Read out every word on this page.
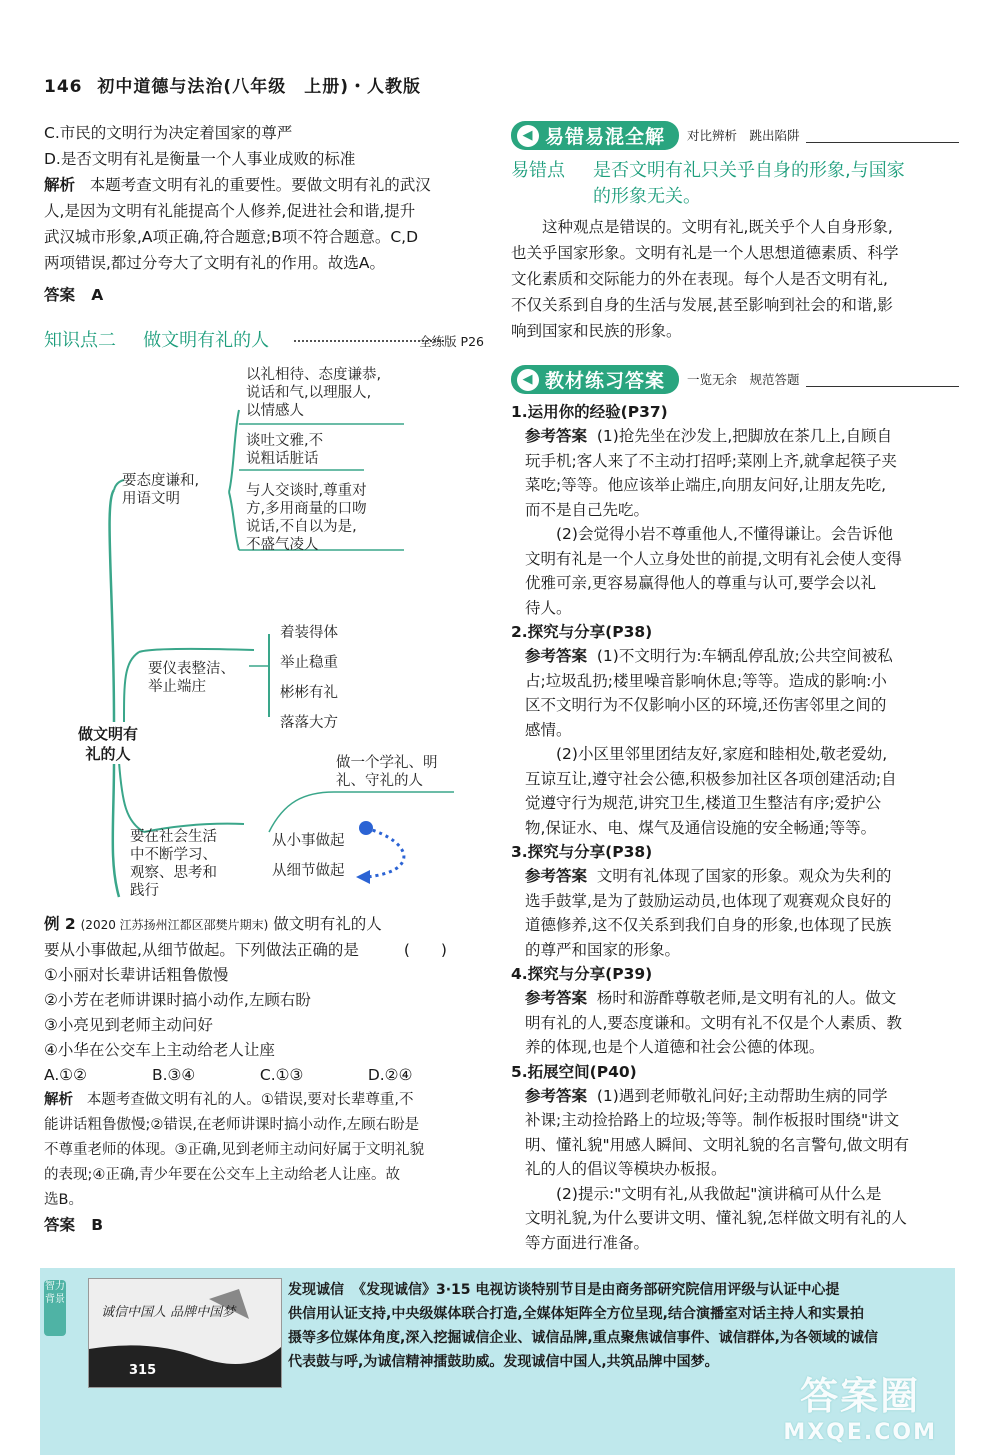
146 初中道德与法治(八年级　上册)・人教版
C.市民的文明行为决定着国家的尊严
D.是否文明有礼是衡量一个人事业成败的标准
解析 本题考查文明有礼的重要性。要做文明有礼的武汉
人,是因为文明有礼能提高个人修养,促进社会和谐,提升
武汉城市形象,A项正确,符合题意;B项不符合题意。C,D
两项错误,都过分夸大了文明有礼的作用。故选A。
答案 A
知识点二 做文明有礼的人	全练版 P26
以礼相待、态度谦恭,
说话和气,以理服人,
以情感人
谈吐文雅,不
说粗话脏话
与人交谈时,尊重对
方,多用商量的口吻
说话,不自以为是,
不盛气凌人
要态度谦和,
用语文明
要仪表整洁、
举止端庄
着装得体
举止稳重
彬彬有礼
落落大方
做文明有
礼的人	做一个学礼、明
礼、守礼的人
要在社会生活
中不断学习、
观察、思考和
践行
从小事做起
从细节做起
例 2 (2020 江苏扬州江都区邵樊片期末) 做文明有礼的人
要从小事做起,从细节做起。下列做法正确的是	(　　)
①小丽对长辈讲话粗鲁傲慢
②小芳在老师讲课时搞小动作,左顾右盼
③小亮见到老师主动问好
④小华在公交车上主动给老人让座
A.①②	B.③④	C.①③	D.②④
解析 本题考查做文明有礼的人。①错误,要对长辈尊重,不
能讲话粗鲁傲慢;②错误,在老师讲课时搞小动作,左顾右盼是
不尊重老师的体现。③正确,见到老师主动问好属于文明礼貌
的表现;④正确,青少年要在公交车上主动给老人让座。故
选B。
答案 B
◀ 易错易混全解	对比辨析　跳出陷阱
易错点 是否文明有礼只关乎自身的形象,与国家
的形象无关。
这种观点是错误的。文明有礼,既关乎个人自身形象,
也关乎国家形象。文明有礼是一个人思想道德素质、科学
文化素质和交际能力的外在表现。每个人是否文明有礼,
不仅关系到自身的生活与发展,甚至影响到社会的和谐,影
响到国家和民族的形象。
◀ 教材练习答案	一览无余　规范答题
1.运用你的经验(P37)
参考答案 (1)抢先坐在沙发上,把脚放在茶几上,自顾自
玩手机;客人来了不主动打招呼;菜刚上齐,就拿起筷子夹
菜吃;等等。他应该举止端庄,向朋友问好,让朋友先吃,
而不是自己先吃。
(2)会觉得小岩不尊重他人,不懂得谦让。会告诉他
文明有礼是一个人立身处世的前提,文明有礼会使人变得
优雅可亲,更容易赢得他人的尊重与认可,要学会以礼
待人。
2.探究与分享(P38)
参考答案 (1)不文明行为:车辆乱停乱放;公共空间被私
占;垃圾乱扔;楼里噪音影响休息;等等。造成的影响:小
区不文明行为不仅影响小区的环境,还伤害邻里之间的
感情。
(2)小区里邻里团结友好,家庭和睦相处,敬老爱幼,
互谅互让,遵守社会公德,积极参加社区各项创建活动;自
觉遵守行为规范,讲究卫生,楼道卫生整洁有序;爱护公
物,保证水、电、煤气及通信设施的安全畅通;等等。
3.探究与分享(P38)
参考答案 文明有礼体现了国家的形象。观众为失利的
选手鼓掌,是为了鼓励运动员,也体现了观赛观众良好的
道德修养,这不仅关系到我们自身的形象,也体现了民族
的尊严和国家的形象。
4.探究与分享(P39)
参考答案 杨时和游酢尊敬老师,是文明有礼的人。做文
明有礼的人,要态度谦和。文明有礼不仅是个人素质、教
养的体现,也是个人道德和社会公德的体现。
5.拓展空间(P40)
参考答案 (1)遇到老师敬礼问好;主动帮助生病的同学
补课;主动捡拾路上的垃圾;等等。制作板报时围绕"讲文
明、懂礼貌"用感人瞬间、文明礼貌的名言警句,做文明有
礼的人的倡议等模块办板报。
(2)提示:"文明有礼,从我做起"演讲稿可从什么是
文明礼貌,为什么要讲文明、懂礼貌,怎样做文明有礼的人
等方面进行准备。
智力背景
诚信中国人 品牌中国梦
315
发现诚信 《发现诚信》3·15 电视访谈特别节目是由商务部研究院信用评级与认证中心提
供信用认证支持,中央级媒体联合打造,全媒体矩阵全方位呈现,结合演播室对话主持人和实景拍
摄等多位媒体角度,深入挖掘诚信企业、诚信品牌,重点聚焦诚信事件、诚信群体,为各领域的诚信
代表鼓与呼,为诚信精神擂鼓助威。发现诚信中国人,共筑品牌中国梦。
答案圈
MXQE.COM
